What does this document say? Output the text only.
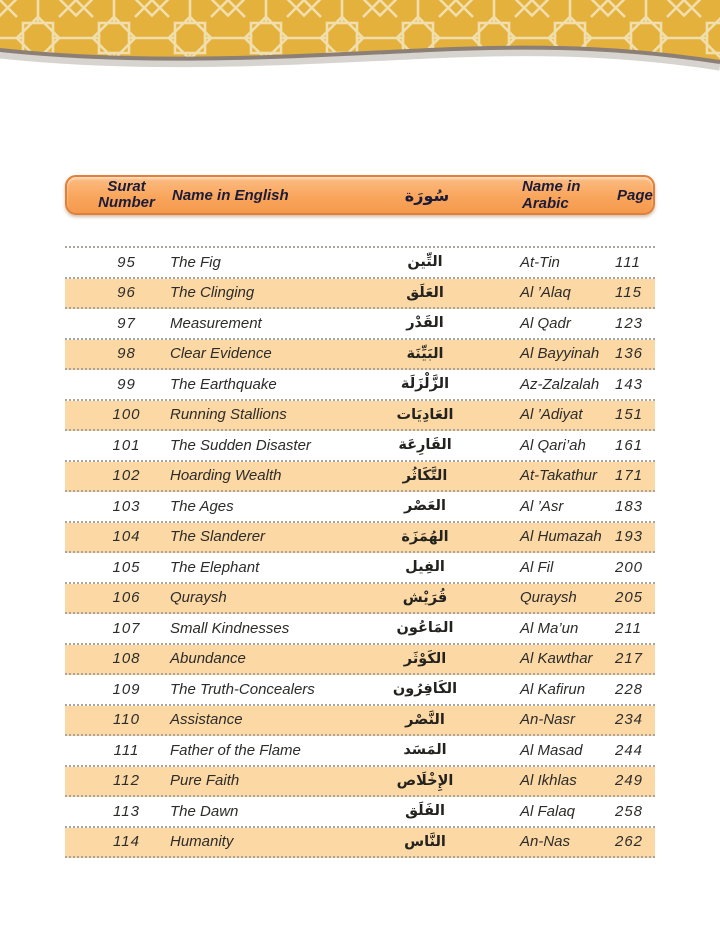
Surat Number	Name in English	سُورَة	Name in Arabic	Page
95	The Fig	التِّين	At-Tin	111
96	The Clinging	العَلَق	Al ’Alaq	115
97	Measurement	القَدْر	Al Qadr	123
98	Clear Evidence	البَيِّنَة	Al Bayyinah	136
99	The Earthquake	الزَّلْزَلَة	Az-Zalzalah	143
100	Running Stallions	العَادِيَات	Al ’Adiyat	151
101	The Sudden Disaster	القَارِعَة	Al Qari’ah	161
102	Hoarding Wealth	التَّكَاثُر	At-Takathur	171
103	The Ages	العَصْر	Al ’Asr	183
104	The Slanderer	الهُمَزَة	Al Humazah 193
105	The Elephant	الفِيل	Al Fil	200
106	Quraysh	قُرَيْش	Quraysh	205
107	Small Kindnesses	المَاعُون	Al Ma’un	211
108	Abundance	الكَوْثَر	Al Kawthar	217
109	The Truth-Concealers	الكَافِرُون	Al Kafirun	228
110	Assistance	النَّصْر	An-Nasr	234
111	Father of the Flame	المَسَد	Al Masad	244
112	Pure Faith	الإِخْلَاص	Al Ikhlas	249
113	The Dawn	الفَلَق	Al Falaq	258
114	Humanity	النَّاس	An-Nas	262
